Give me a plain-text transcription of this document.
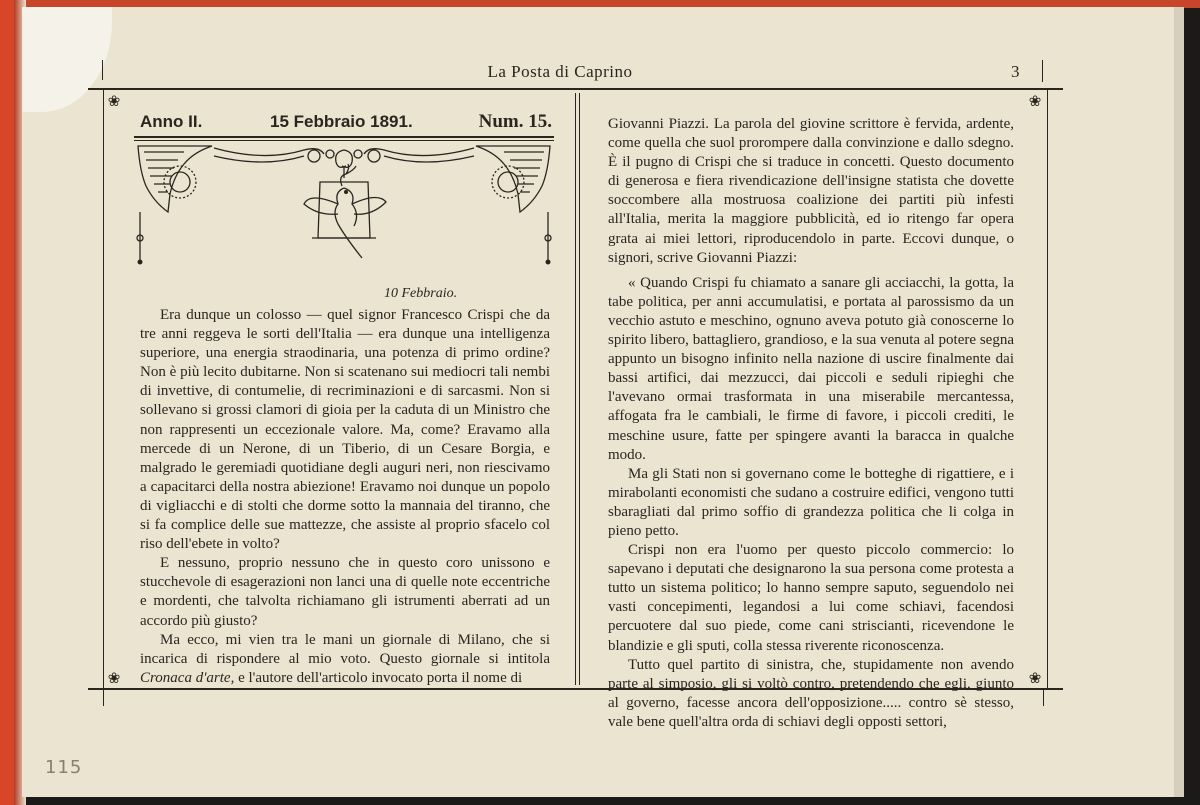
La Posta di Caprino	3
❀	❀
❀	❀
Anno II.	15 Febbraio 1891.	Num. 15.
10 Febbraio.

Era dunque un colosso — quel signor Francesco Crispi che da tre anni reggeva le sorti dell'Italia — era dunque una intelligenza superiore, una energia straodinaria, una potenza di primo ordine? Non è più lecito dubitarne. Non si scatenano sui mediocri tali nembi di invettive, di contumelie, di recriminazioni e di sarcasmi. Non si sollevano si grossi clamori di gioia per la caduta di un Ministro che non rappresenti un eccezionale valore. Ma, come? Eravamo alla mercede di un Nerone, di un Tiberio, di un Cesare Borgia, e malgrado le geremiadi quotidiane degli auguri neri, non riescivamo a capacitarci della nostra abiezione! Eravamo noi dunque un popolo di vigliacchi e di stolti che dorme sotto la mannaia del tiranno, che si fa complice delle sue mattezze, che assiste al proprio sfacelo col riso dell'ebete in volto?

E nessuno, proprio nessuno che in questo coro unissono e stucchevole di esagerazioni non lanci una di quelle note eccentriche e mordenti, che talvolta richiamano gli istrumenti aberrati ad un accordo più giusto?

Ma ecco, mi vien tra le mani un giornale di Milano, che si incarica di rispondere al mio voto. Questo giornale si intitola Cronaca d'arte, e l'autore dell'articolo invocato porta il nome di

Giovanni Piazzi. La parola del giovine scrittore è fervida, ardente, come quella che suol prorompere dalla convinzione e dallo sdegno. È il pugno di Crispi che si traduce in concetti. Questo documento di generosa e fiera rivendicazione dell'insigne statista che dovette soccombere alla mostruosa coalizione dei partiti più infesti all'Italia, merita la maggiore pubblicità, ed io ritengo far opera grata ai miei lettori, riproducendolo in parte. Eccovi dunque, o signori, scrive Giovanni Piazzi:

« Quando Crispi fu chiamato a sanare gli acciacchi, la gotta, la tabe politica, per anni accumulatisi, e portata al parossismo da un vecchio astuto e meschino, ognuno aveva potuto già conoscerne lo spirito libero, battagliero, grandioso, e la sua venuta al potere segna appunto un bisogno infinito nella nazione di uscire finalmente dai bassi artifici, dai mezzucci, dai piccoli e seduli ripieghi che l'avevano ormai trasformata in una miserabile mercantessa, affogata fra le cambiali, le firme di favore, i piccoli crediti, le meschine usure, fatte per spingere avanti la baracca in qualche modo.

Ma gli Stati non si governano come le botteghe di rigattiere, e i mirabolanti economisti che sudano a costruire edifici, vengono tutti sbaragliati dal primo soffio di grandezza politica che li colga in pieno petto.

Crispi non era l'uomo per questo piccolo commercio: lo sapevano i deputati che designarono la sua persona come protesta a tutto un sistema politico; lo hanno sempre saputo, seguendolo nei vasti concepimenti, legandosi a lui come schiavi, facendosi percuotere dal suo piede, come cani striscianti, ricevendone le blandizie e gli sputi, colla stessa riverente riconoscenza.

Tutto quel partito di sinistra, che, stupidamente non avendo parte al simposio, gli si voltò contro, pretendendo che egli, giunto al governo, facesse ancora dell'opposizione..... contro sè stesso, vale bene quell'altra orda di schiavi degli opposti settori,

115
